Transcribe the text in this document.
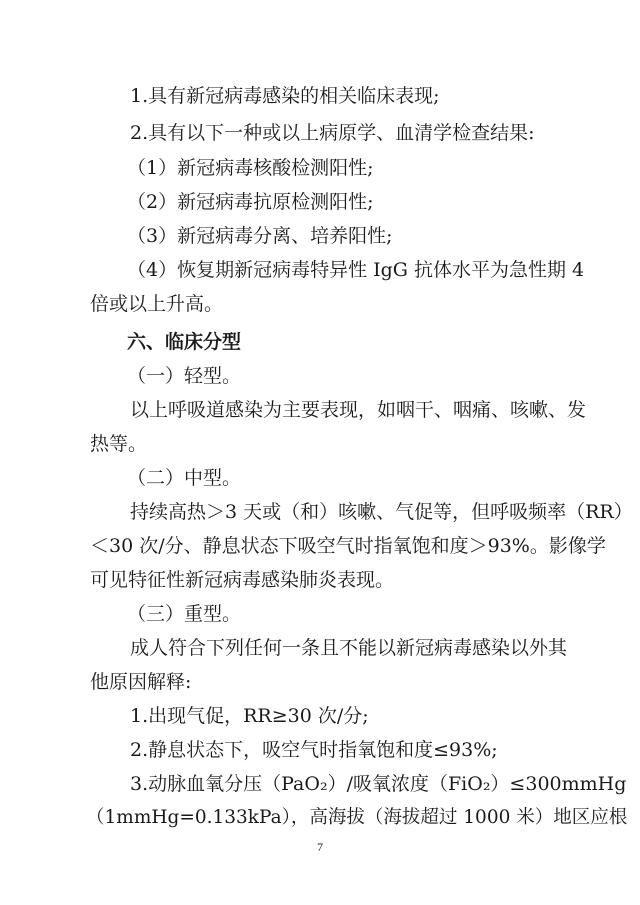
1.具有新冠病毒感染的相关临床表现;
2.具有以下一种或以上病原学、血清学检查结果:
（1）新冠病毒核酸检测阳性;
（2）新冠病毒抗原检测阳性;
（3）新冠病毒分离、培养阳性;
（4）恢复期新冠病毒特异性 IgG 抗体水平为急性期 4
倍或以上升高。
六、临床分型
（一）轻型。
以上呼吸道感染为主要表现，如咽干、咽痛、咳嗽、发
热等。
（二）中型。
持续高热＞3 天或（和）咳嗽、气促等，但呼吸频率（RR）
＜30 次/分、静息状态下吸空气时指氧饱和度＞93%。影像学
可见特征性新冠病毒感染肺炎表现。
（三）重型。
成人符合下列任何一条且不能以新冠病毒感染以外其
他原因解释:
1.出现气促，RR≥30 次/分;
2.静息状态下，吸空气时指氧饱和度≤93%;
3.动脉血氧分压（PaO₂）/吸氧浓度（FiO₂）≤300mmHg
（1mmHg=0.133kPa），高海拔（海拔超过 1000 米）地区应根
7
